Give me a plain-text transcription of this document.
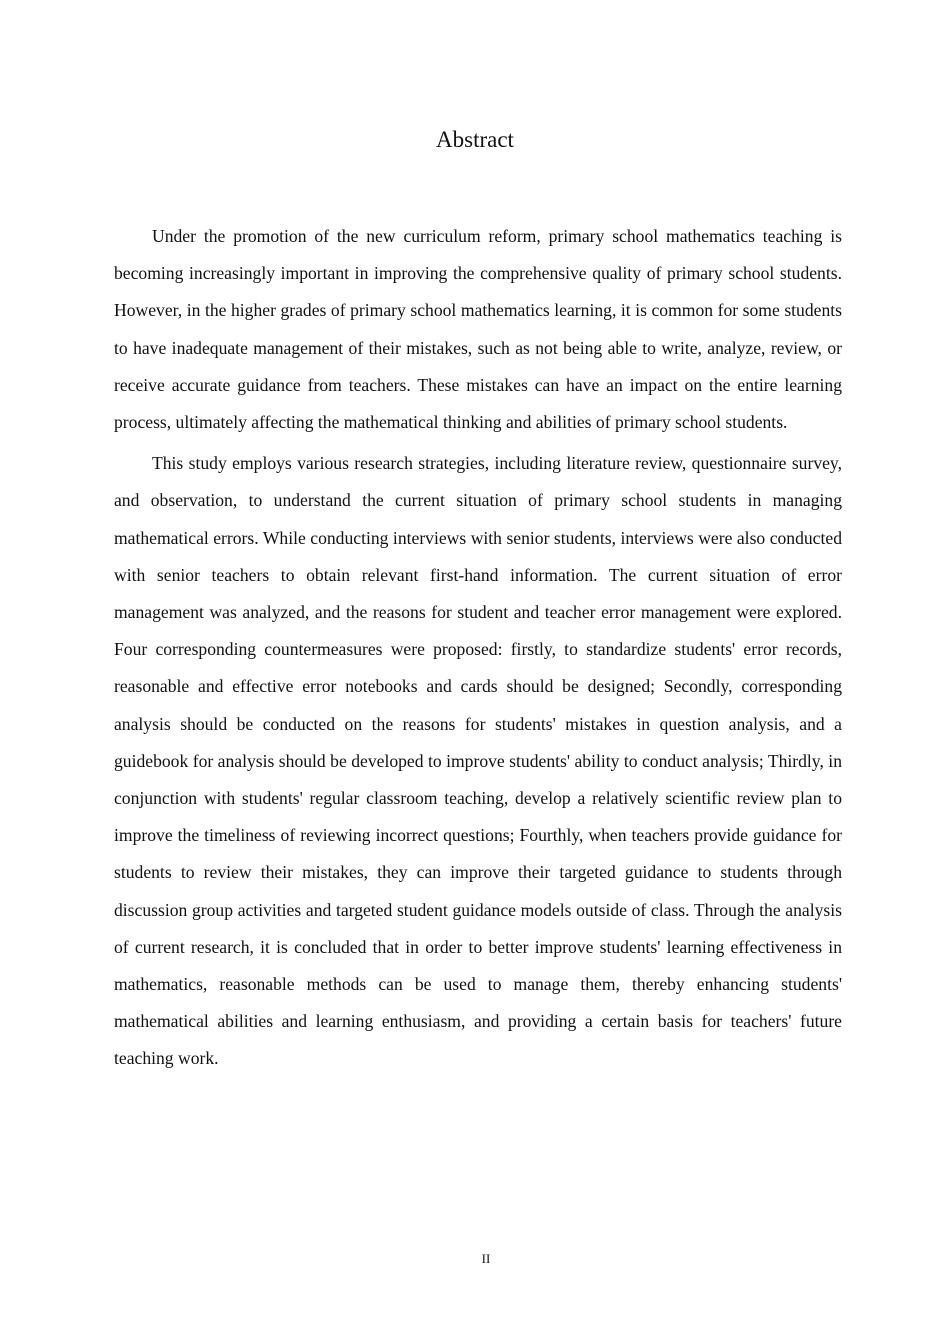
Abstract

Under the promotion of the new curriculum reform, primary school mathematics teaching is becoming increasingly important in improving the comprehensive quality of primary school students. However, in the higher grades of primary school mathematics learning, it is common for some students to have inadequate management of their mistakes, such as not being able to write, analyze, review, or receive accurate guidance from teachers. These mistakes can have an impact on the entire learning process, ultimately affecting the mathematical thinking and abilities of primary school students.

This study employs various research strategies, including literature review, questionnaire survey, and observation, to understand the current situation of primary school students in managing mathematical errors. While conducting interviews with senior students, interviews were also conducted with senior teachers to obtain relevant first-hand information. The current situation of error management was analyzed, and the reasons for student and teacher error management were explored. Four corresponding countermeasures were proposed: firstly, to standardize students' error records, reasonable and effective error notebooks and cards should be designed; Secondly, corresponding analysis should be conducted on the reasons for students' mistakes in question analysis, and a guidebook for analysis should be developed to improve students' ability to conduct analysis; Thirdly, in conjunction with students' regular classroom teaching, develop a relatively scientific review plan to improve the timeliness of reviewing incorrect questions; Fourthly, when teachers provide guidance for students to review their mistakes, they can improve their targeted guidance to students through discussion group activities and targeted student guidance models outside of class. Through the analysis of current research, it is concluded that in order to better improve students' learning effectiveness in mathematics, reasonable methods can be used to manage them, thereby enhancing students' mathematical abilities and learning enthusiasm, and providing a certain basis for teachers' future teaching work.

II
